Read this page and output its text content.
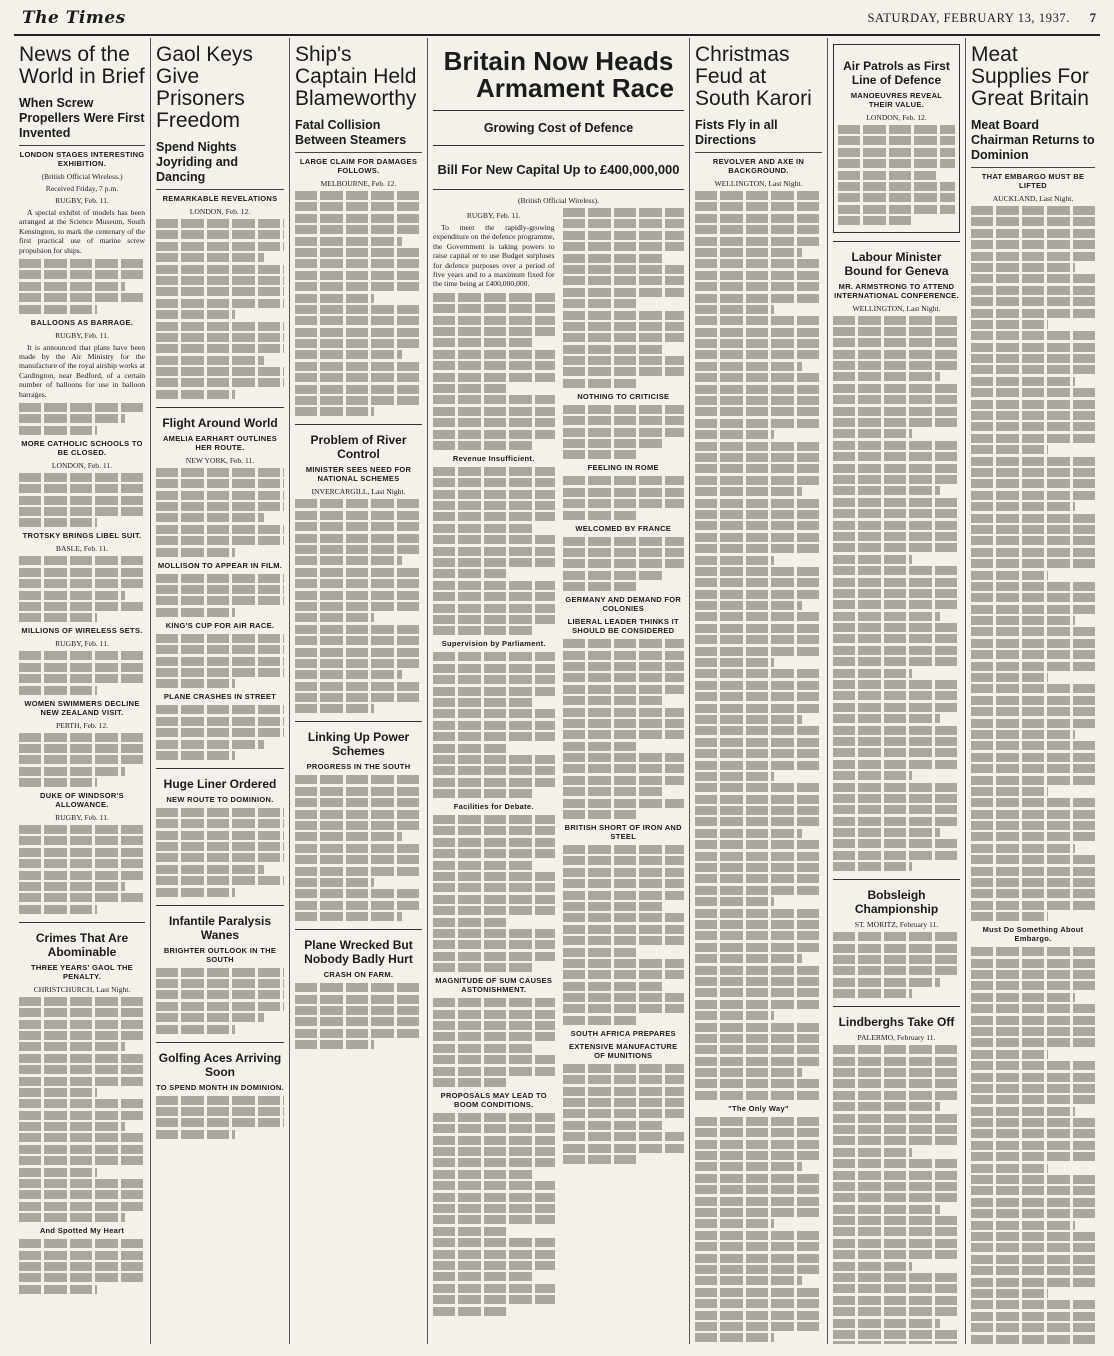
The Times	SATURDAY, FEBRUARY 13, 1937. 7
News of the World in Brief
When Screw Propellers Were First Invented
LONDON STAGES INTERESTING EXHIBITION.
(British Official Wireless.)
Received Friday, 7 p.m.
RUGBY, Feb. 11.

A special exhibit of models has been arranged at the Science Museum, South Kensington, to mark the centenary of the first practical use of marine screw propulsion for ships.

BALLOONS AS BARRAGE.
RUGBY, Feb. 11.

It is announced that plans have been made by the Air Ministry for the manufacture of the royal airship works at Cardington, near Bedford, of a certain number of balloons for use in balloon barrages.

MORE CATHOLIC SCHOOLS TO BE CLOSED.
LONDON, Feb. 11.
TROTSKY BRINGS LIBEL SUIT.
BASLE, Feb. 11.
MILLIONS OF WIRELESS SETS.
RUGBY, Feb. 11.
WOMEN SWIMMERS DECLINE NEW ZEALAND VISIT.
PERTH, Feb. 12.
DUKE OF WINDSOR'S ALLOWANCE.
RUGBY, Feb. 11.
Crimes That Are Abominable
THREE YEARS' GAOL THE PENALTY.
CHRISTCHURCH, Last Night.
And Spotted My Heart
Gaol Keys Give Prisoners Freedom
Spend Nights Joyriding and Dancing
REMARKABLE REVELATIONS
LONDON, Feb. 12.
Flight Around World
AMELIA EARHART OUTLINES HER ROUTE.
NEW YORK, Feb. 11.
MOLLISON TO APPEAR IN FILM.
KING'S CUP FOR AIR RACE.
PLANE CRASHES IN STREET
Huge Liner Ordered
NEW ROUTE TO DOMINION.
Infantile Paralysis Wanes
BRIGHTER OUTLOOK IN THE SOUTH
Golfing Aces Arriving Soon
TO SPEND MONTH IN DOMINION.
Ship's Captain Held Blameworthy
Fatal Collision Between Steamers
LARGE CLAIM FOR DAMAGES FOLLOWS.
MELBOURNE, Feb. 12.
Problem of River Control
MINISTER SEES NEED FOR NATIONAL SCHEMES
INVERCARGILL, Last Night.
Linking Up Power Schemes
PROGRESS IN THE SOUTH
Plane Wrecked But Nobody Badly Hurt
CRASH ON FARM.
Britain Now Heads
Armament Race
Growing Cost of Defence
Bill For New Capital Up to £400,000,000
(British Official Wireless).
RUGBY, Feb. 11.

To meet the rapidly-growing expenditure on the defence programme, the Government is taking powers to raise capital or to use Budget surpluses for defence purposes over a period of five years and to a maximum fixed for the time being at £400,000,000.

Revenue Insufficient.
Supervision by Parliament.
Facilities for Debate.
MAGNITUDE OF SUM CAUSES ASTONISHMENT.
PROPOSALS MAY LEAD TO BOOM CONDITIONS.
NOTHING TO CRITICISE
FEELING IN ROME
WELCOMED BY FRANCE
GERMANY AND DEMAND FOR COLONIES
LIBERAL LEADER THINKS IT SHOULD BE CONSIDERED
BRITISH SHORT OF IRON AND STEEL
SOUTH AFRICA PREPARES
EXTENSIVE MANUFACTURE OF MUNITIONS
Christmas Feud at South Karori
Fists Fly in all Directions
REVOLVER AND AXE IN BACKGROUND.
WELLINGTON, Last Night.
"The Only Way"
Air Patrols as First Line of Defence
MANOEUVRES REVEAL THEIR VALUE.
LONDON, Feb. 12.
Labour Minister Bound for Geneva
MR. ARMSTRONG TO ATTEND INTERNATIONAL CONFERENCE.
WELLINGTON, Last Night.
Bobsleigh Championship
ST. MORITZ, February 11.
Lindberghs Take Off
PALERMO, February 11.
Meat Supplies For Great Britain
Meat Board Chairman Returns to Dominion
THAT EMBARGO MUST BE LIFTED
AUCKLAND, Last Night.
Must Do Something About Embargo.
